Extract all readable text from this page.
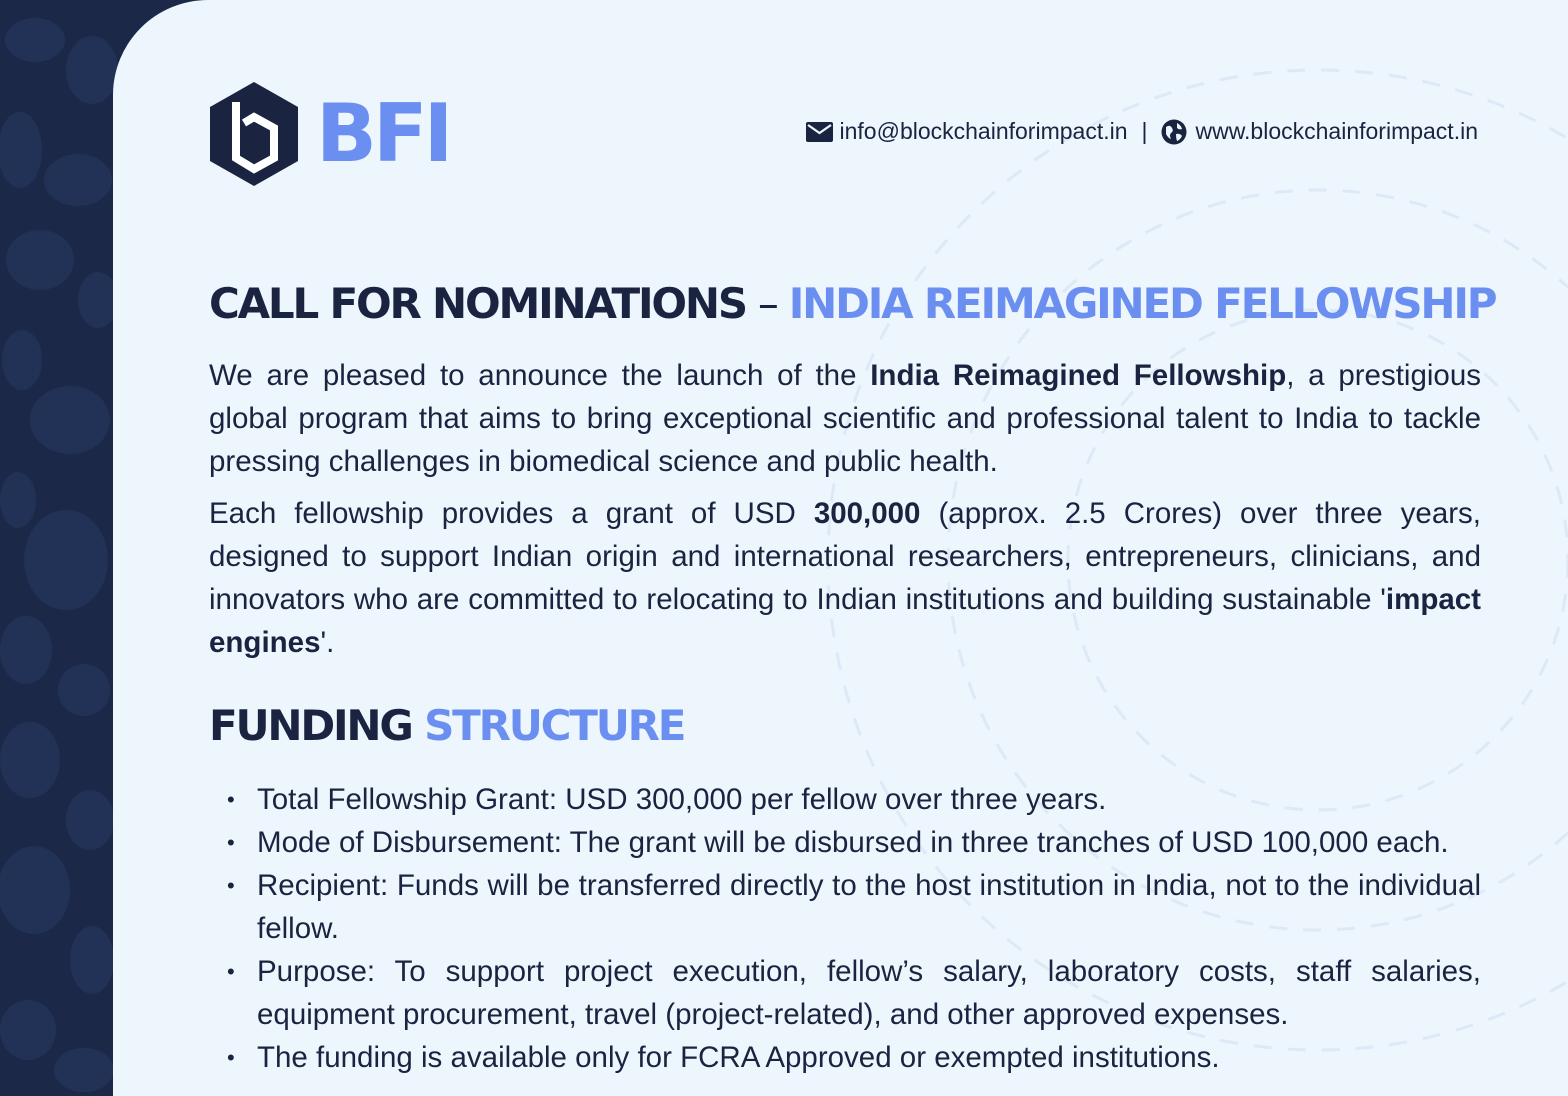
BFI	info@blockchainforimpact.in | www.blockchainforimpact.in
CALL FOR NOMINATIONS – INDIA REIMAGINED FELLOWSHIP

We are pleased to announce the launch of the India Reimagined Fellowship, a prestigious global program that aims to bring exceptional scientific and professional talent to India to tackle pressing challenges in biomedical science and public health.

Each fellowship provides a grant of USD 300,000 (approx. 2.5 Crores) over three years, designed to support Indian origin and international researchers, entrepreneurs, clinicians, and innovators who are committed to relocating to Indian institutions and building sustainable 'impact engines'.

FUNDING STRUCTURE
• Total Fellowship Grant: USD 300,000 per fellow over three years.
• Mode of Disbursement: The grant will be disbursed in three tranches of USD 100,000 each.
• Recipient: Funds will be transferred directly to the host institution in India, not to the individual fellow.
• Purpose: To support project execution, fellow’s salary, laboratory costs, staff salaries, equipment procurement, travel (project-related), and other approved expenses.
• The funding is available only for FCRA Approved or exempted institutions.
